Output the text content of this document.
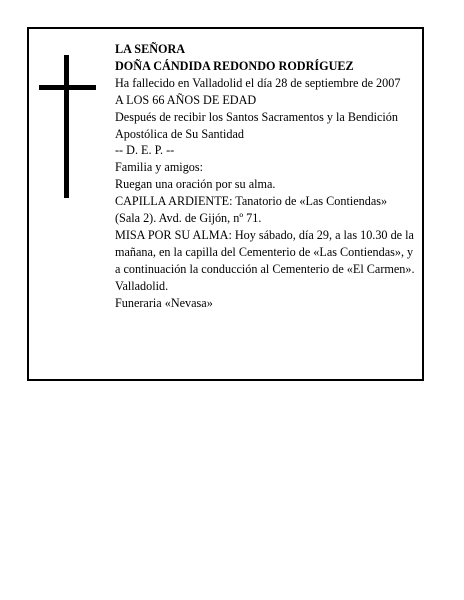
LA SEÑORA
DOÑA CÁNDIDA REDONDO RODRÍGUEZ
Ha fallecido en Valladolid el día 28 de septiembre de 2007
A LOS 66 AÑOS DE EDAD
Después de recibir los Santos Sacramentos y la Bendición Apostólica de Su Santidad
-- D. E. P. --
Familia y amigos:
Ruegan una oración por su alma.
CAPILLA ARDIENTE: Tanatorio de «Las Contiendas» (Sala 2). Avd. de Gijón, nº 71.
MISA POR SU ALMA: Hoy sábado, día 29, a las 10.30 de la mañana, en la capilla del Cementerio de «Las Contiendas», y a continuación la conducción al Cementerio de «El Carmen». Valladolid.
Funeraria «Nevasa»
